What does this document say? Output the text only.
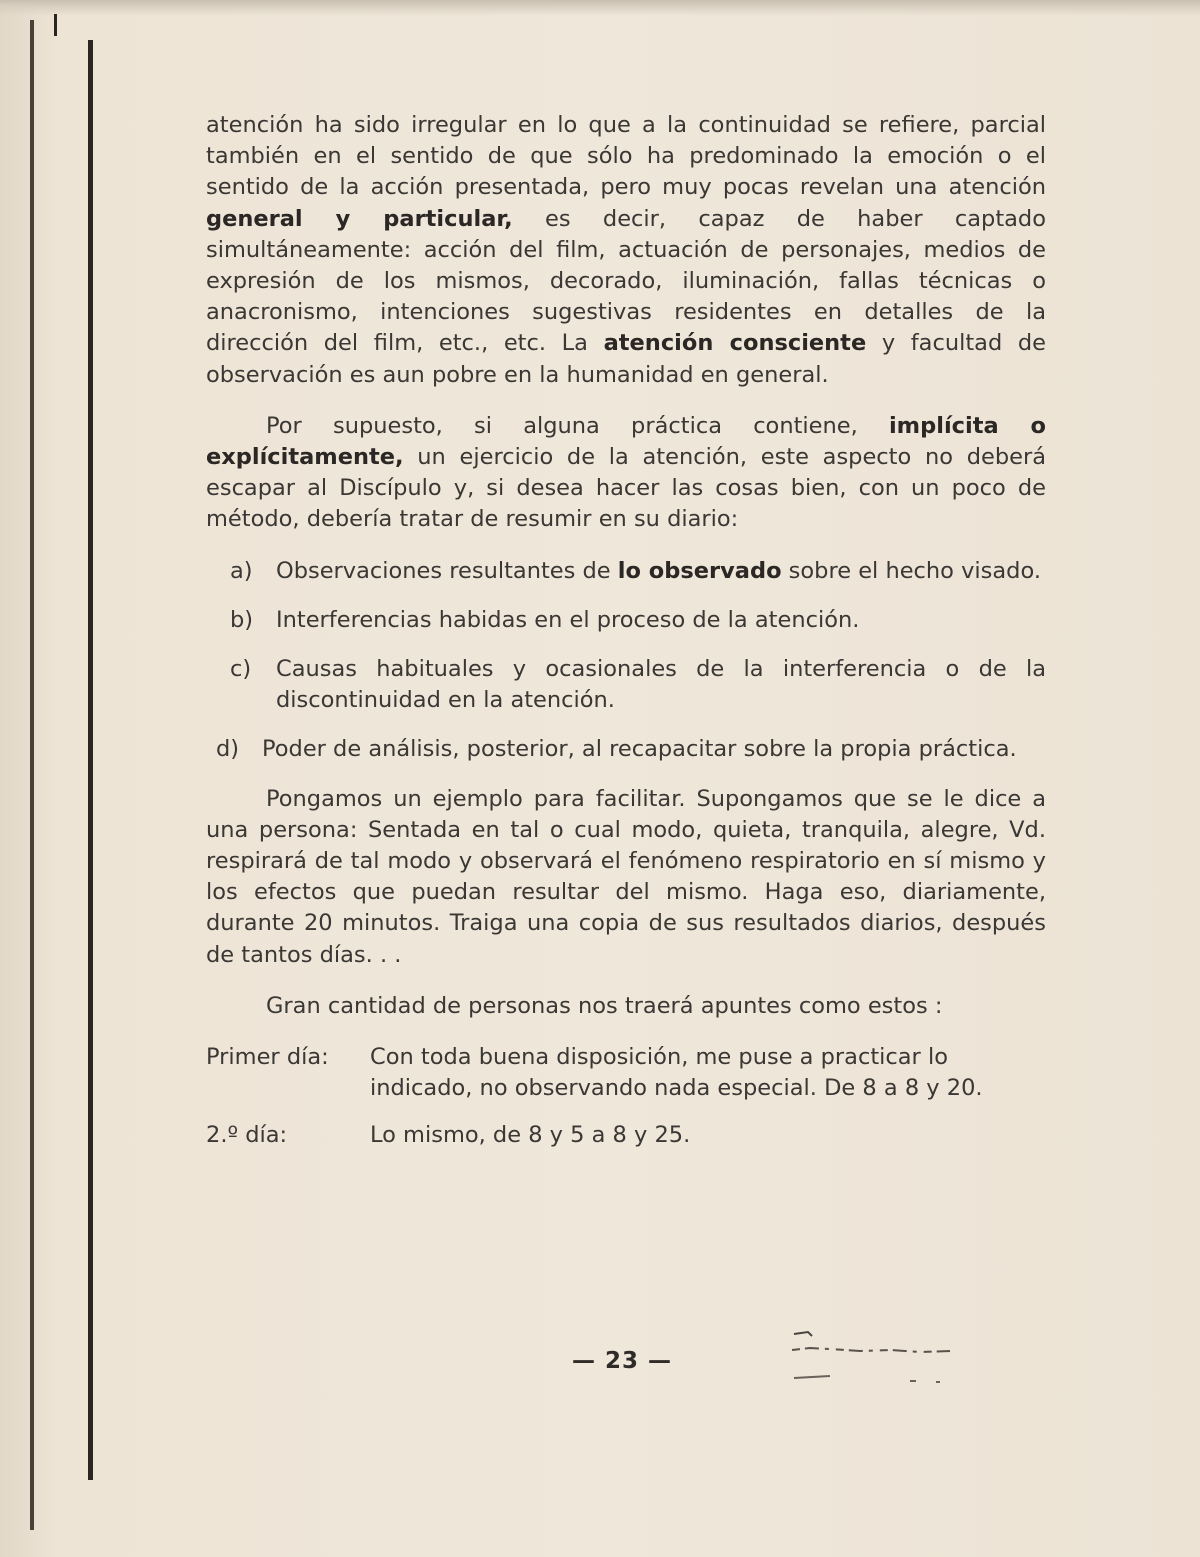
atención ha sido irregular en lo que a la continuidad se refiere, parcial también en el sentido de que sólo ha predominado la emoción o el sentido de la acción presentada, pero muy pocas revelan una atención general y particular, es decir, capaz de haber captado simultáneamente: acción del film, actuación de personajes, medios de expresión de los mismos, decorado, iluminación, fallas técnicas o anacronismo, intenciones sugestivas residentes en detalles de la dirección del film, etc., etc. La atención consciente y facultad de observación es aun pobre en la humanidad en general.

Por supuesto, si alguna práctica contiene, implícita o explícitamente, un ejercicio de la atención, este aspecto no deberá escapar al Discípulo y, si desea hacer las cosas bien, con un poco de método, debería tratar de resumir en su diario:

a)	Observaciones resultantes de lo observado sobre el hecho visado.
b)	Interferencias habidas en el proceso de la atención.
c)	Causas habituales y ocasionales de la interferencia o de la discontinuidad en la atención.
d)	Poder de análisis, posterior, al recapacitar sobre la propia práctica.

Pongamos un ejemplo para facilitar. Supongamos que se le dice a una persona: Sentada en tal o cual modo, quieta, tranquila, alegre, Vd. respirará de tal modo y observará el fenómeno respiratorio en sí mismo y los efectos que puedan resultar del mismo. Haga eso, diariamente, durante 20 minutos. Traiga una copia de sus resultados diarios, después de tantos días. . .

Gran cantidad de personas nos traerá apuntes como estos :

Primer día:	Con toda buena disposición, me puse a practicar lo indicado, no observando nada especial. De 8 a 8 y 20.
2.º día:	Lo mismo, de 8 y 5 a 8 y 25.
— 23 —
